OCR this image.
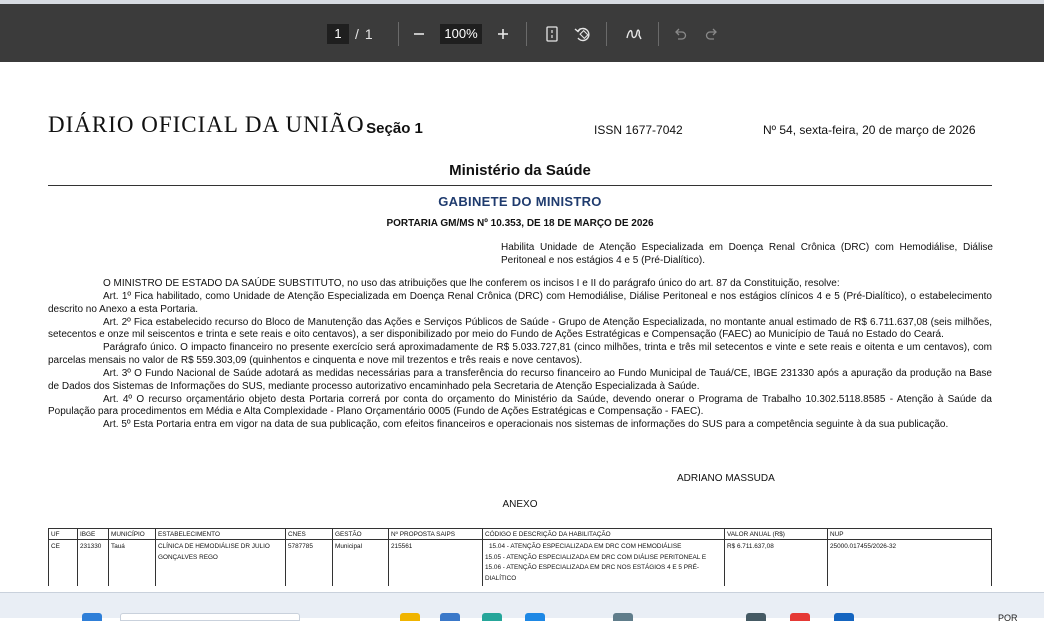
1 / 1	100%
DIÁRIO OFICIAL DA UNIÃO
- Seção 1	ISSN 1677-7042	Nº 54, sexta-feira, 20 de março de 2026
Ministério da Saúde
GABINETE DO MINISTRO
PORTARIA GM/MS Nº 10.353, DE 18 DE MARÇO DE 2026
Habilita Unidade de Atenção Especializada em Doença Renal Crônica (DRC) com Hemodiálise, Diálise Peritoneal e nos estágios 4 e 5 (Pré-Dialítico).

O MINISTRO DE ESTADO DA SAÚDE SUBSTITUTO, no uso das atribuições que lhe conferem os incisos I e II do parágrafo único do art. 87 da Constituição, resolve:

Art. 1º Fica habilitado, como Unidade de Atenção Especializada em Doença Renal Crônica (DRC) com Hemodiálise, Diálise Peritoneal e nos estágios clínicos 4 e 5 (Pré-Dialítico), o estabelecimento descrito no Anexo a esta Portaria.

Art. 2º Fica estabelecido recurso do Bloco de Manutenção das Ações e Serviços Públicos de Saúde - Grupo de Atenção Especializada, no montante anual estimado de R$ 6.711.637,08 (seis milhões, setecentos e onze mil seiscentos e trinta e sete reais e oito centavos), a ser disponibilizado por meio do Fundo de Ações Estratégicas e Compensação (FAEC) ao Município de Tauá no Estado do Ceará.

Parágrafo único. O impacto financeiro no presente exercício será aproximadamente de R$ 5.033.727,81 (cinco milhões, trinta e três mil setecentos e vinte e sete reais e oitenta e um centavos), com parcelas mensais no valor de R$ 559.303,09 (quinhentos e cinquenta e nove mil trezentos e três reais e nove centavos).

Art. 3º O Fundo Nacional de Saúde adotará as medidas necessárias para a transferência do recurso financeiro ao Fundo Municipal de Tauá/CE, IBGE 231330 após a apuração da produção na Base de Dados dos Sistemas de Informações do SUS, mediante processo autorizativo encaminhado pela Secretaria de Atenção Especializada à Saúde.

Art. 4º O recurso orçamentário objeto desta Portaria correrá por conta do orçamento do Ministério da Saúde, devendo onerar o Programa de Trabalho 10.302.5118.8585 - Atenção à Saúde da População para procedimentos em Média e Alta Complexidade - Plano Orçamentário 0005 (Fundo de Ações Estratégicas e Compensação - FAEC).

Art. 5º Esta Portaria entra em vigor na data de sua publicação, com efeitos financeiros e operacionais nos sistemas de informações do SUS para a competência seguinte à da sua publicação.

ADRIANO MASSUDA
ANEXO
UF	IBGE	MUNICÍPIO	ESTABELECIMENTO	CNES	GESTÃO	Nº PROPOSTA SAIPS	CÓDIGO E DESCRIÇÃO DA HABILITAÇÃO	VALOR ANUAL (R$)	NUP
CE	231330	Tauá	CLÍNICA DE HEMODIÁLISE DR JULIO GONÇALVES REGO	5787785	Municipal	215561	15.04 - ATENÇÃO ESPECIALIZADA EM DRC COM HEMODIÁLISE
15.05 - ATENÇÃO ESPECIALIZADA EM DRC COM DIÁLISE PERITONEAL E
15.06 - ATENÇÃO ESPECIALIZADA EM DRC NOS ESTÁGIOS 4 E 5 PRÉ-
DIALÍTICO	R$ 6.711.637,08	25000.017455/2026-32
POR
